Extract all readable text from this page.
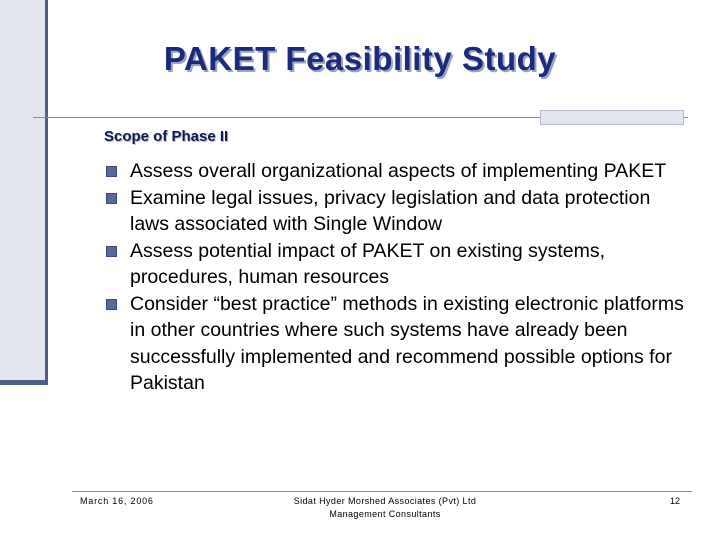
PAKET Feasibility Study
Scope of Phase II
Assess overall organizational aspects of implementing PAKET
Examine legal issues, privacy legislation and data protection laws associated with Single Window
Assess potential impact of PAKET on existing systems, procedures, human resources
Consider “best practice” methods in existing electronic platforms in other countries where such systems have already been successfully implemented and recommend possible options for Pakistan
March 16, 2006	Sidat Hyder Morshed Associates (Pvt) Ltd
Management Consultants
12
